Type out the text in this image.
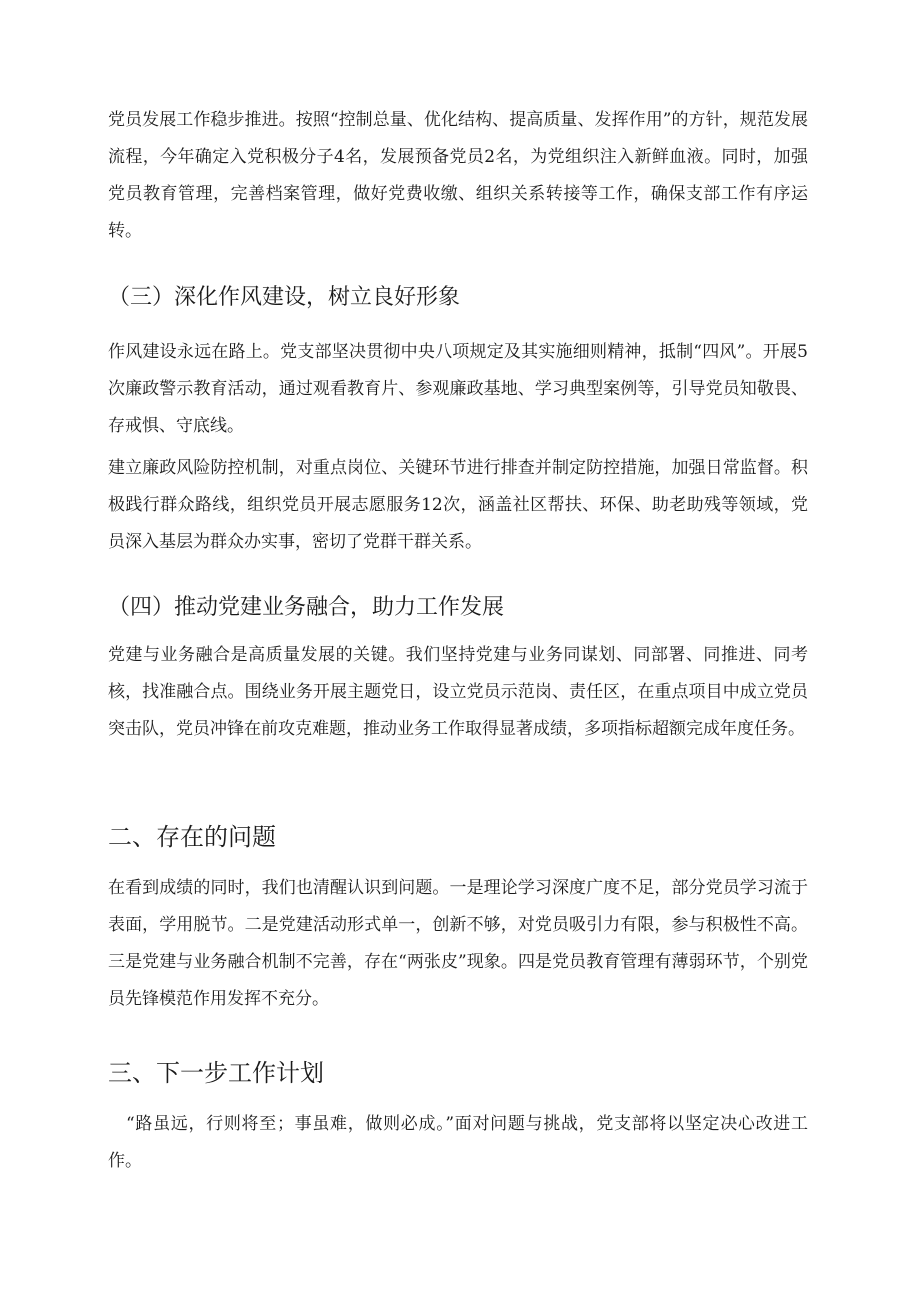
党员发展工作稳步推进。按照“控制总量、优化结构、提高质量、发挥作用”的方针，规范发展流程，今年确定入党积极分子4名，发展预备党员2名，为党组织注入新鲜血液。同时，加强党员教育管理，完善档案管理，做好党费收缴、组织关系转接等工作，确保支部工作有序运转。

（三）深化作风建设，树立良好形象

作风建设永远在路上。党支部坚决贯彻中央八项规定及其实施细则精神，抵制“四风”。开展5次廉政警示教育活动，通过观看教育片、参观廉政基地、学习典型案例等，引导党员知敬畏、存戒惧、守底线。

建立廉政风险防控机制，对重点岗位、关键环节进行排查并制定防控措施，加强日常监督。积极践行群众路线，组织党员开展志愿服务12次，涵盖社区帮扶、环保、助老助残等领域，党员深入基层为群众办实事，密切了党群干群关系。

（四）推动党建业务融合，助力工作发展

党建与业务融合是高质量发展的关键。我们坚持党建与业务同谋划、同部署、同推进、同考核，找准融合点。围绕业务开展主题党日，设立党员示范岗、责任区，在重点项目中成立党员突击队，党员冲锋在前攻克难题，推动业务工作取得显著成绩，多项指标超额完成年度任务。

二、存在的问题

在看到成绩的同时，我们也清醒认识到问题。一是理论学习深度广度不足，部分党员学习流于表面，学用脱节。二是党建活动形式单一，创新不够，对党员吸引力有限，参与积极性不高。三是党建与业务融合机制不完善，存在“两张皮”现象。四是党员教育管理有薄弱环节，个别党员先锋模范作用发挥不充分。

三、下一步工作计划

“路虽远，行则将至；事虽难，做则必成。”面对问题与挑战，党支部将以坚定决心改进工作。
